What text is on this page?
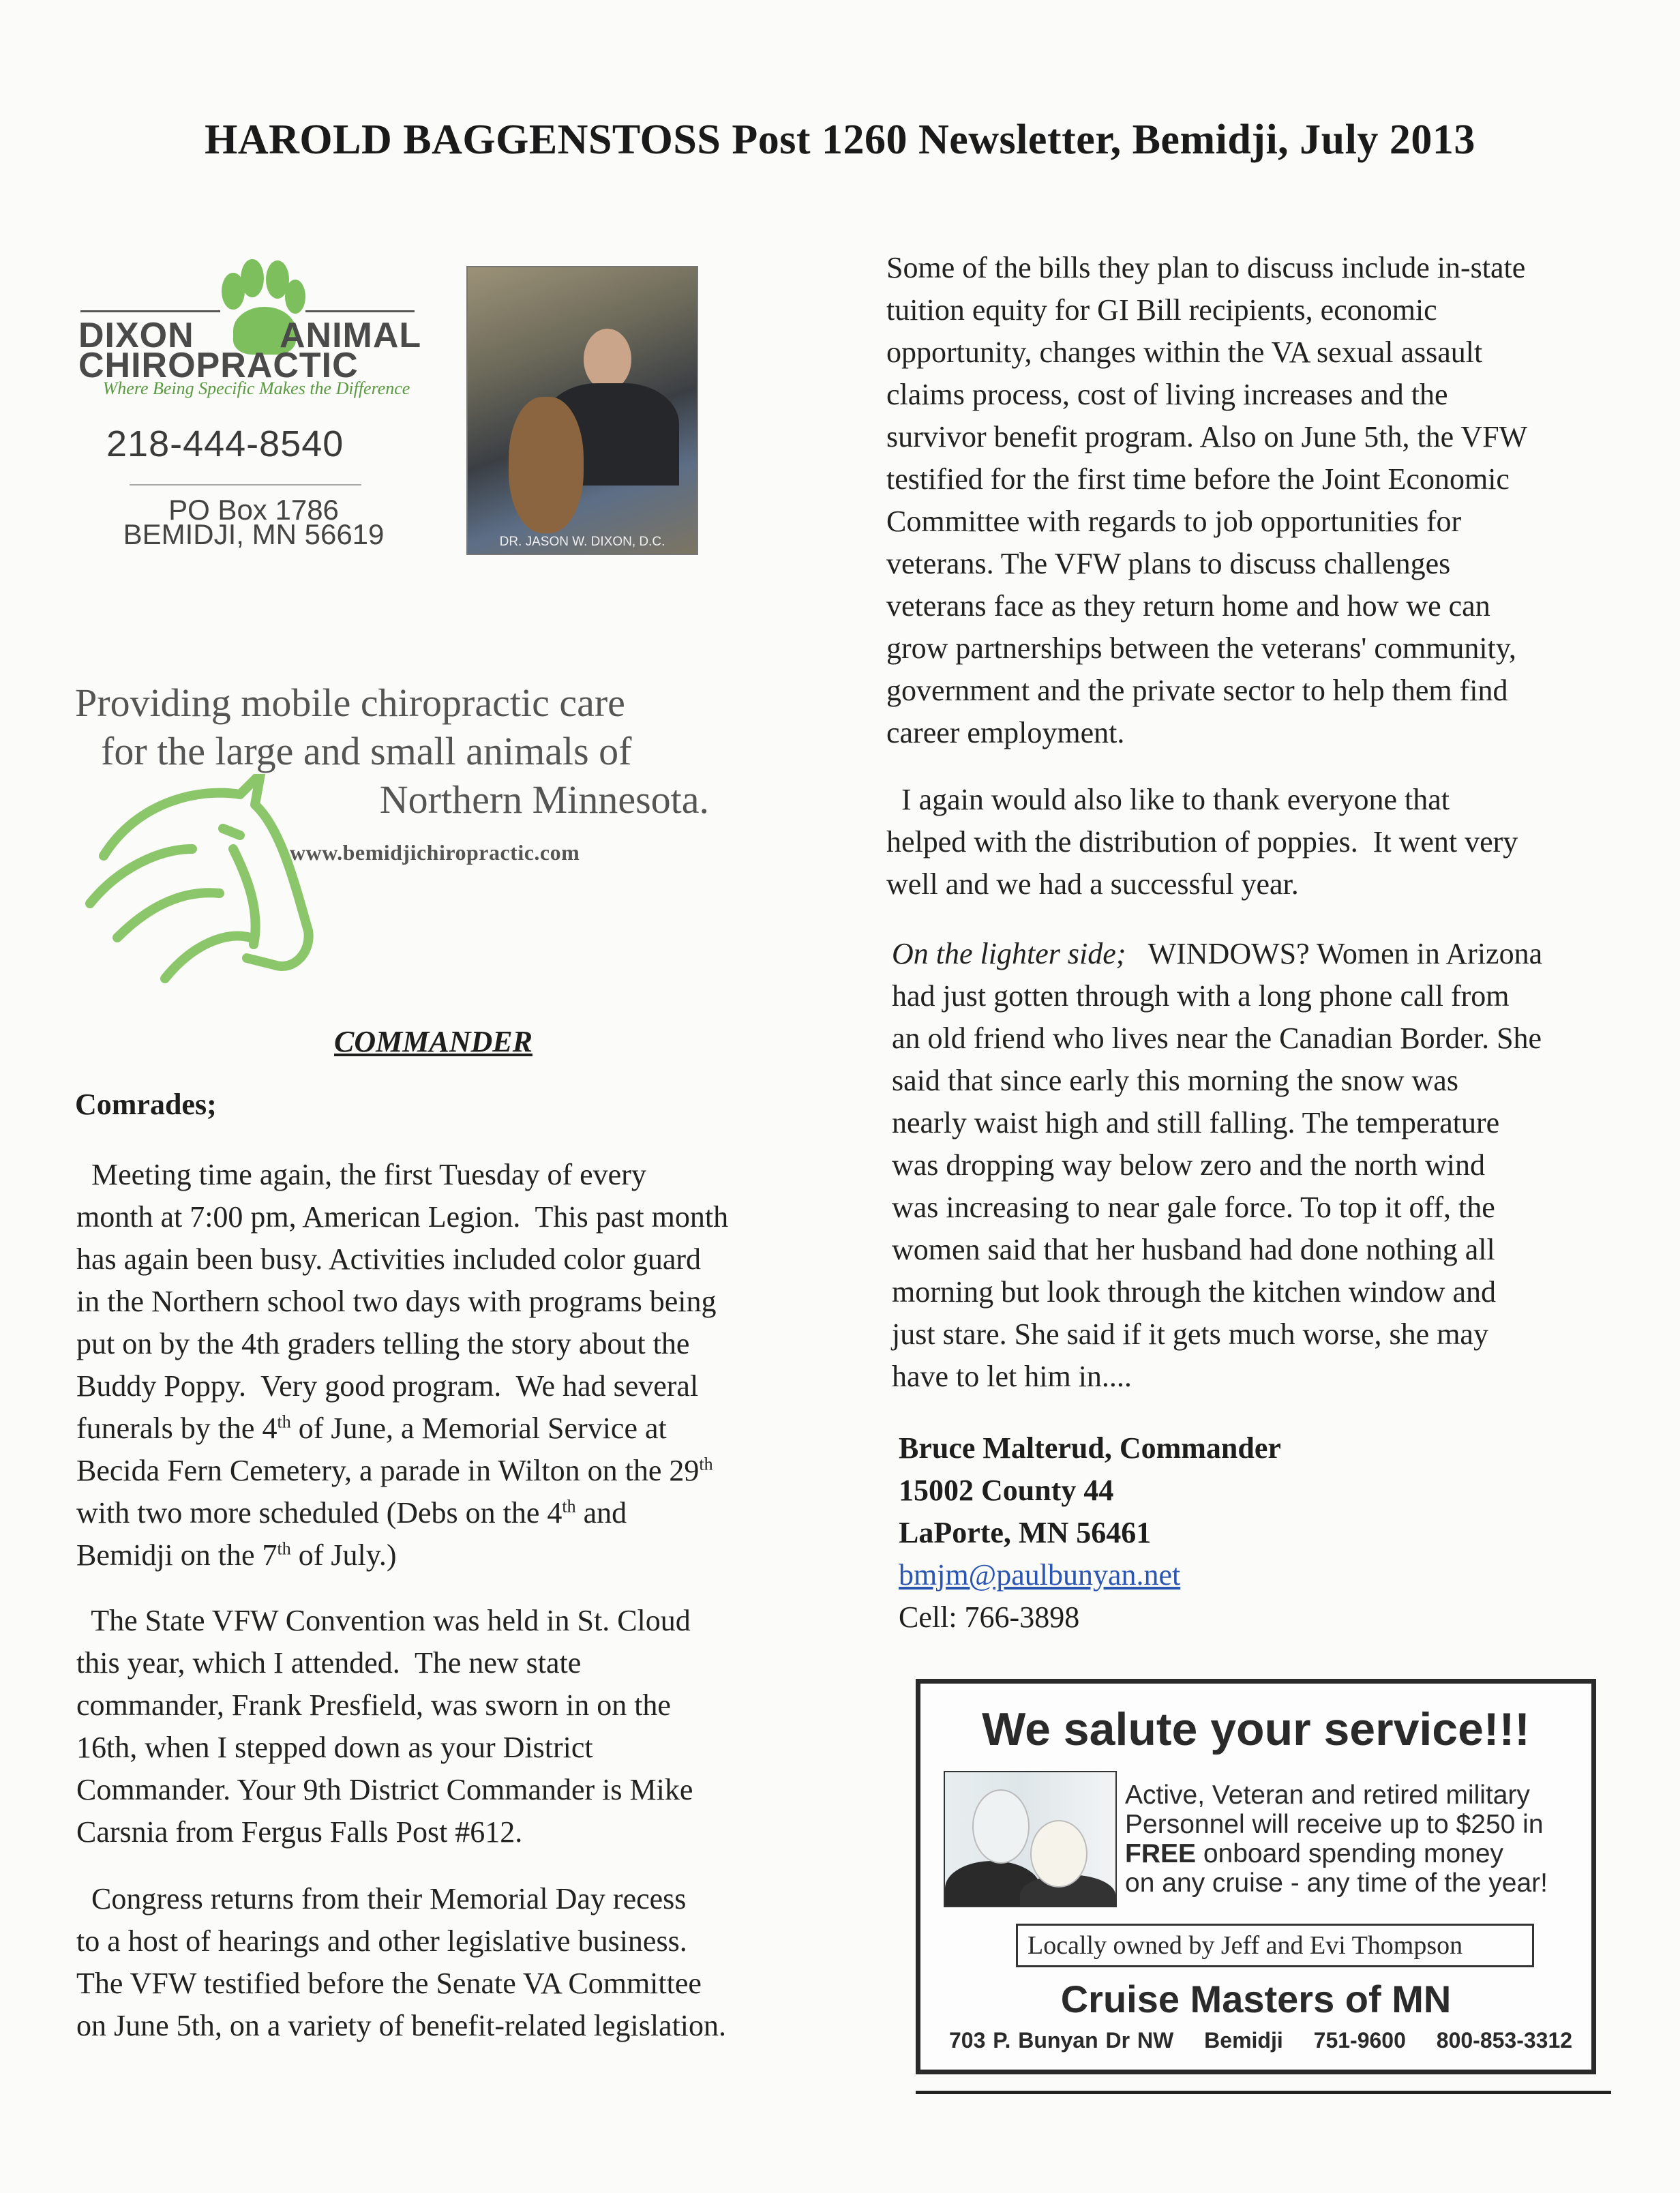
HAROLD BAGGENSTOSS Post 1260 Newsletter, Bemidji, July 2013
DIXON ANIMAL
CHIROPRACTIC
Where Being Specific Makes the Difference
218-444-8540
PO Box 1786
BEMIDJI, MN 56619	DR. JASON W. DIXON, D.C.
Providing mobile chiropractic care
for the large and small animals of
Northern Minnesota.
www.bemidjichiropractic.com
COMMANDER
Comrades;
Meeting time again, the first Tuesday of every
month at 7:00 pm, American Legion.  This past month
has again been busy. Activities included color guard
in the Northern school two days with programs being
put on by the 4th graders telling the story about the
Buddy Poppy.  Very good program.  We had several
funerals by the 4th of June, a Memorial Service at
Becida Fern Cemetery, a parade in Wilton on the 29th
with two more scheduled (Debs on the 4th and
Bemidji on the 7th of July.)
The State VFW Convention was held in St. Cloud
this year, which I attended.  The new state
commander, Frank Presfield, was sworn in on the
16th, when I stepped down as your District
Commander. Your 9th District Commander is Mike
Carsnia from Fergus Falls Post #612.
Congress returns from their Memorial Day recess
to a host of hearings and other legislative business.
The VFW testified before the Senate VA Committee
on June 5th, on a variety of benefit-related legislation.
Some of the bills they plan to discuss include in-state
tuition equity for GI Bill recipients, economic
opportunity, changes within the VA sexual assault
claims process, cost of living increases and the
survivor benefit program. Also on June 5th, the VFW
testified for the first time before the Joint Economic
Committee with regards to job opportunities for
veterans. The VFW plans to discuss challenges
veterans face as they return home and how we can
grow partnerships between the veterans' community,
government and the private sector to help them find
career employment.
I again would also like to thank everyone that
helped with the distribution of poppies.  It went very
well and we had a successful year.
On the lighter side;   WINDOWS? Women in Arizona
had just gotten through with a long phone call from
an old friend who lives near the Canadian Border. She
said that since early this morning the snow was
nearly waist high and still falling. The temperature
was dropping way below zero and the north wind
was increasing to near gale force. To top it off, the
women said that her husband had done nothing all
morning but look through the kitchen window and
just stare. She said if it gets much worse, she may
have to let him in....
Bruce Malterud, Commander
15002 County 44
LaPorte, MN 56461
bmjm@paulbunyan.net
Cell: 766-3898
We salute your service!!!
Active, Veteran and retired military
Personnel will receive up to $250 in
FREE onboard spending money
on any cruise - any time of the year!
Locally owned by Jeff and Evi Thompson
Cruise Masters of MN
703 P. Bunyan Dr NW Bemidji 751-9600 800-853-3312
